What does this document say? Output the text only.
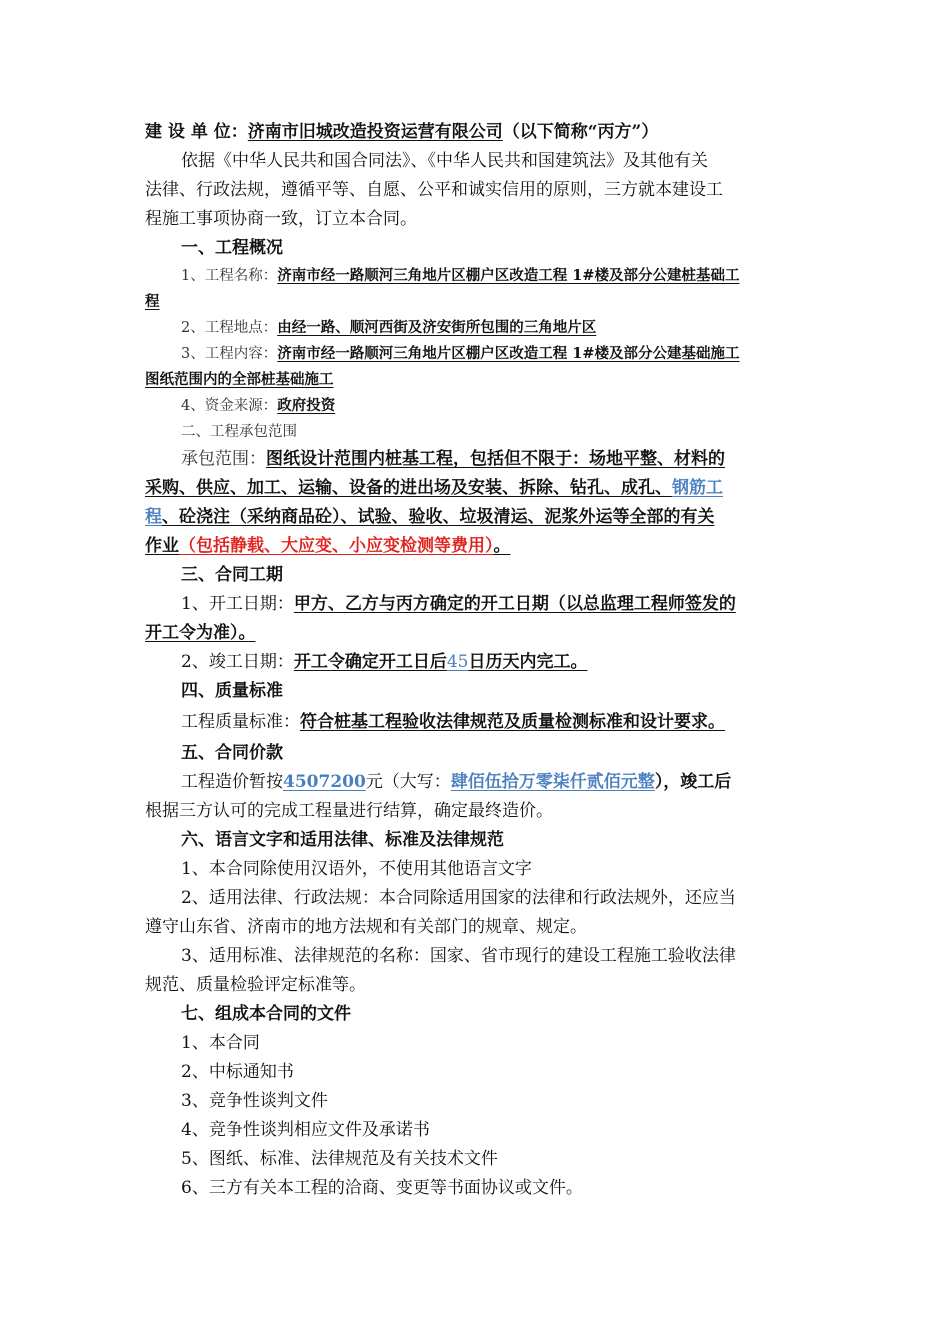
建 设 单 位：济南市旧城改造投资运营有限公司（以下简称“丙方”）
依据《中华人民共和国合同法》、《中华人民共和国建筑法》及其他有关
法律、行政法规，遵循平等、自愿、公平和诚实信用的原则，三方就本建设工
程施工事项协商一致，订立本合同。
一、工程概况
1、工程名称：济南市经一路顺河三角地片区棚户区改造工程 1#楼及部分公建桩基础工
程
2、工程地点：由经一路、顺河西街及济安街所包围的三角地片区
3、工程内容：济南市经一路顺河三角地片区棚户区改造工程 1#楼及部分公建基础施工
图纸范围内的全部桩基础施工
4、资金来源：政府投资
二、工程承包范围
承包范围：图纸设计范围内桩基工程，包括但不限于：场地平整、材料的
采购、供应、加工、运输、设备的进出场及安装、拆除、钻孔、成孔、钢筋工
程、砼浇注（采纳商品砼）、试验、验收、垃圾清运、泥浆外运等全部的有关
作业（包括静载、大应变、小应变检测等费用）。
三、合同工期
1、开工日期：甲方、乙方与丙方确定的开工日期（以总监理工程师签发的
开工令为准）。
2、竣工日期：开工令确定开工日后45日历天内完工。
四、质量标准
工程质量标准：符合桩基工程验收法律规范及质量检测标准和设计要求。
五、合同价款
工程造价暂按4507200元（大写：肆佰伍拾万零柒仟贰佰元整），竣工后
根据三方认可的完成工程量进行结算，确定最终造价。
六、语言文字和适用法律、标准及法律规范
1、本合同除使用汉语外，不使用其他语言文字
2、适用法律、行政法规：本合同除适用国家的法律和行政法规外，还应当
遵守山东省、济南市的地方法规和有关部门的规章、规定。
3、适用标准、法律规范的名称：国家、省市现行的建设工程施工验收法律
规范、质量检验评定标准等。
七、组成本合同的文件
1、本合同
2、中标通知书
3、竞争性谈判文件
4、竞争性谈判相应文件及承诺书
5、图纸、标准、法律规范及有关技术文件
6、三方有关本工程的洽商、变更等书面协议或文件。
